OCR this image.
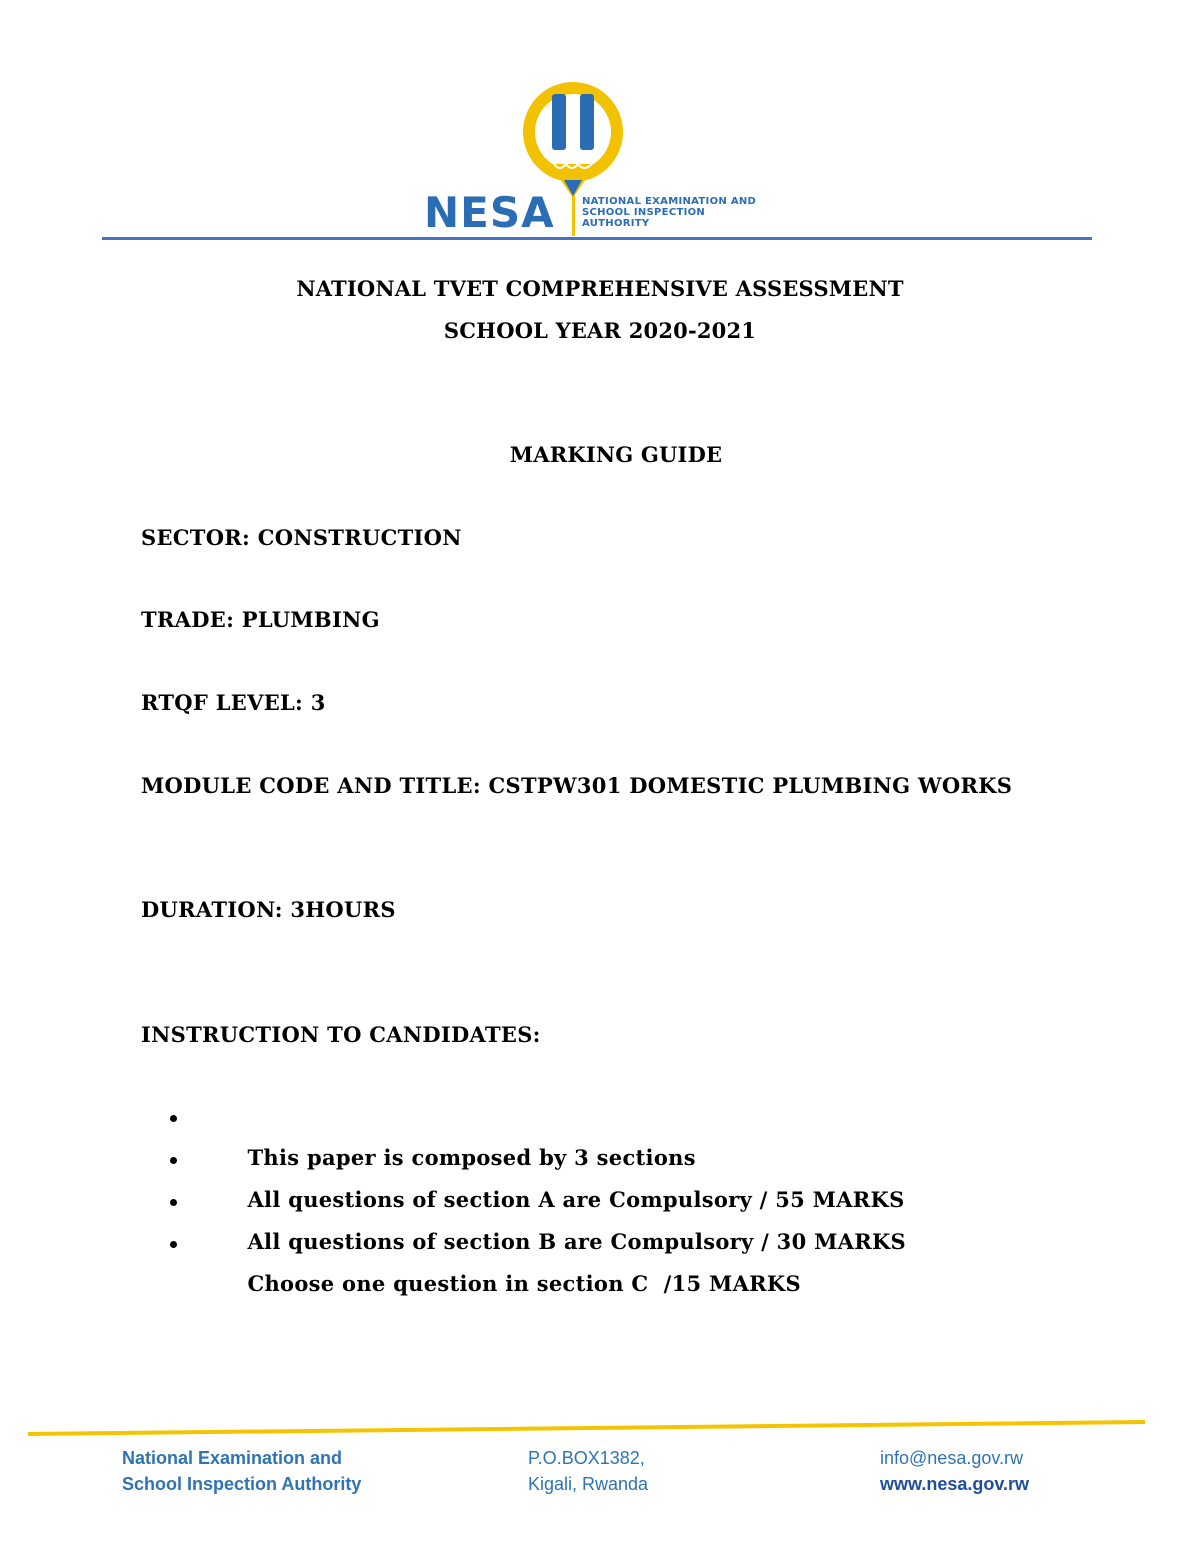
NESA	NATIONAL EXAMINATION AND SCHOOL INSPECTION AUTHORITY
NATIONAL TVET COMPREHENSIVE ASSESSMENT
SCHOOL YEAR 2020-2021
MARKING GUIDE
SECTOR: CONSTRUCTION
TRADE: PLUMBING
RTQF LEVEL: 3
MODULE CODE AND TITLE: CSTPW301 DOMESTIC PLUMBING WORKS
DURATION: 3HOURS
INSTRUCTION TO CANDIDATES:

This paper is composed by 3 sections

All questions of section A are Compulsory / 55 MARKS

All questions of section B are Compulsory / 30 MARKS

Choose one question in section C  /15 MARKS

National Examination and
School Inspection Authority
P.O.BOX1382,
Kigali, Rwanda
info@nesa.gov.rw
www.nesa.gov.rw
